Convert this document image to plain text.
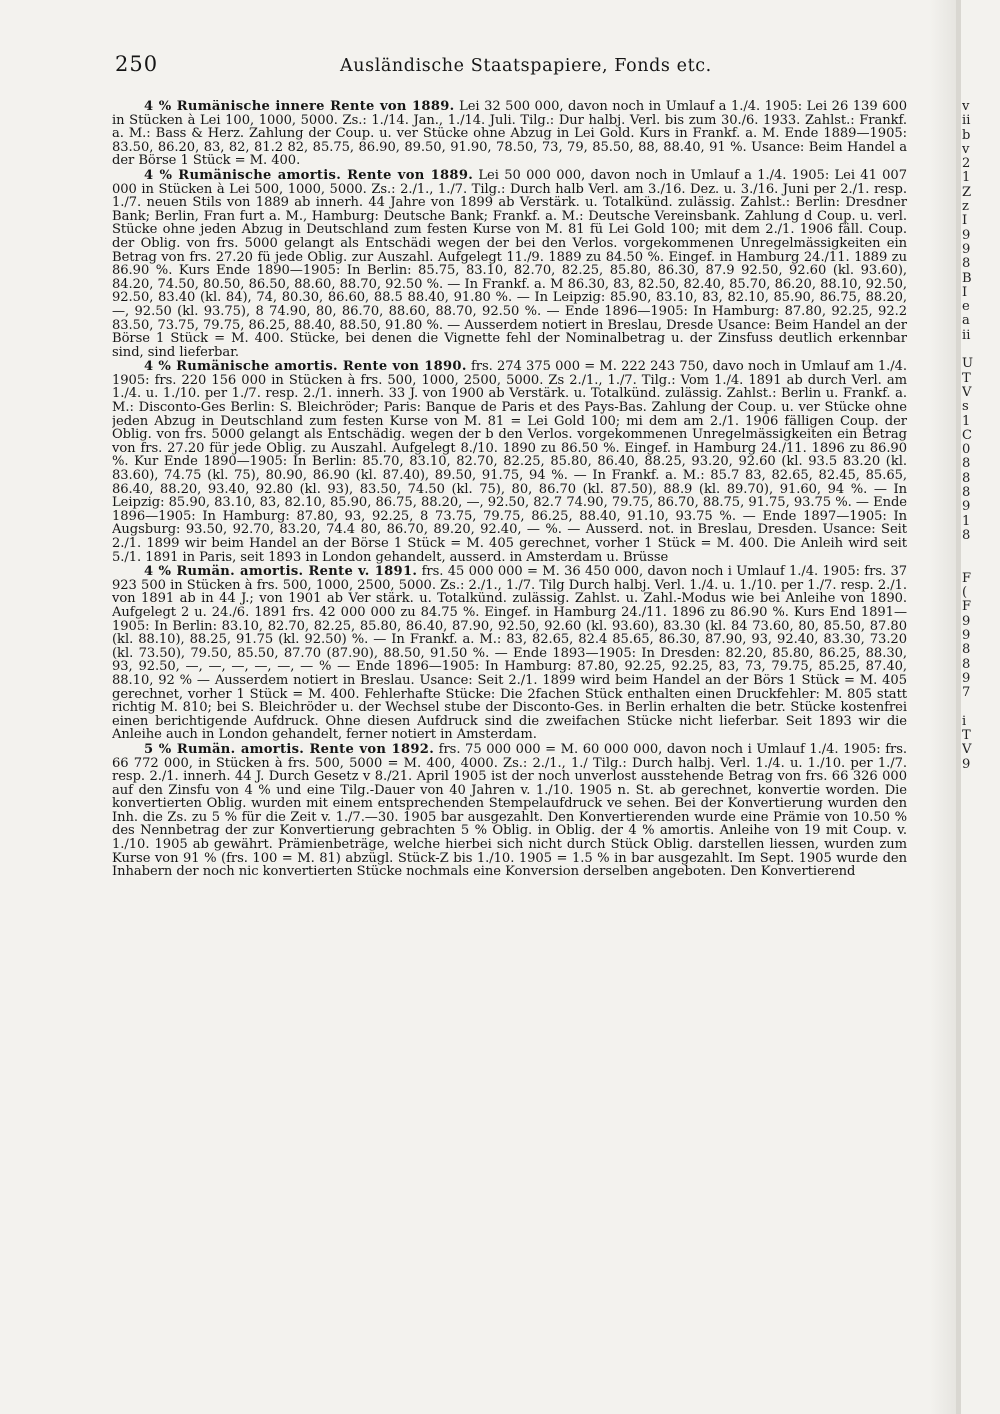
250	Ausländische Staatspapiere, Fonds etc.

4 % Rumänische innere Rente von 1889. Lei 32 500 000, davon noch in Umlauf a 1./4. 1905: Lei 26 139 600 in Stücken à Lei 100, 1000, 5000. Zs.: 1./14. Jan., 1./14. Juli. Tilg.: Dur halbj. Verl. bis zum 30./6. 1933. Zahlst.: Frankf. a. M.: Bass & Herz. Zahlung der Coup. u. ver Stücke ohne Abzug in Lei Gold. Kurs in Frankf. a. M. Ende 1889—1905: 83.50, 86.20, 83, 82, 81.2 82, 85.75, 86.90, 89.50, 91.90, 78.50, 73, 79, 85.50, 88, 88.40, 91 %. Usance: Beim Handel a der Börse 1 Stück = M. 400.

4 % Rumänische amortis. Rente von 1889. Lei 50 000 000, davon noch in Umlauf a 1./4. 1905: Lei 41 007 000 in Stücken à Lei 500, 1000, 5000. Zs.: 2./1., 1./7. Tilg.: Durch halb Verl. am 3./16. Dez. u. 3./16. Juni per 2./1. resp. 1./7. neuen Stils von 1889 ab innerh. 44 Jahre von 1899 ab Verstärk. u. Totalkünd. zulässig. Zahlst.: Berlin: Dresdner Bank; Berlin, Fran furt a. M., Hamburg: Deutsche Bank; Frankf. a. M.: Deutsche Vereinsbank. Zahlung d Coup. u. verl. Stücke ohne jeden Abzug in Deutschland zum festen Kurse von M. 81 fü Lei Gold 100; mit dem 2./1. 1906 fäll. Coup. der Oblig. von frs. 5000 gelangt als Entschädi wegen der bei den Verlos. vorgekommenen Unregelmässigkeiten ein Betrag von frs. 27.20 fü jede Oblig. zur Auszahl. Aufgelegt 11./9. 1889 zu 84.50 %. Eingef. in Hamburg 24./11. 1889 zu 86.90 %. Kurs Ende 1890—1905: In Berlin: 85.75, 83.10, 82.70, 82.25, 85.80, 86.30, 87.9 92.50, 92.60 (kl. 93.60), 84.20, 74.50, 80.50, 86.50, 88.60, 88.70, 92.50 %. — In Frankf. a. M 86.30, 83, 82.50, 82.40, 85.70, 86.20, 88.10, 92.50, 92.50, 83.40 (kl. 84), 74, 80.30, 86.60, 88.5 88.40, 91.80 %. — In Leipzig: 85.90, 83.10, 83, 82.10, 85.90, 86.75, 88.20, —, 92.50 (kl. 93.75), 8 74.90, 80, 86.70, 88.60, 88.70, 92.50 %. — Ende 1896—1905: In Hamburg: 87.80, 92.25, 92.2 83.50, 73.75, 79.75, 86.25, 88.40, 88.50, 91.80 %. — Ausserdem notiert in Breslau, Dresde Usance: Beim Handel an der Börse 1 Stück = M. 400. Stücke, bei denen die Vignette fehl der Nominalbetrag u. der Zinsfuss deutlich erkennbar sind, sind lieferbar.

4 % Rumänische amortis. Rente von 1890. frs. 274 375 000 = M. 222 243 750, davo noch in Umlauf am 1./4. 1905: frs. 220 156 000 in Stücken à frs. 500, 1000, 2500, 5000. Zs 2./1., 1./7. Tilg.: Vom 1./4. 1891 ab durch Verl. am 1./4. u. 1./10. per 1./7. resp. 2./1. innerh. 33 J. von 1900 ab Verstärk. u. Totalkünd. zulässig. Zahlst.: Berlin u. Frankf. a. M.: Disconto-Ges Berlin: S. Bleichröder; Paris: Banque de Paris et des Pays-Bas. Zahlung der Coup. u. ver Stücke ohne jeden Abzug in Deutschland zum festen Kurse von M. 81 = Lei Gold 100; mi dem am 2./1. 1906 fälligen Coup. der Oblig. von frs. 5000 gelangt als Entschädig. wegen der b den Verlos. vorgekommenen Unregelmässigkeiten ein Betrag von frs. 27.20 für jede Oblig. zu Auszahl. Aufgelegt 8./10. 1890 zu 86.50 %. Eingef. in Hamburg 24./11. 1896 zu 86.90 %. Kur Ende 1890—1905: In Berlin: 85.70, 83.10, 82.70, 82.25, 85.80, 86.40, 88.25, 93.20, 92.60 (kl. 93.5 83.20 (kl. 83.60), 74.75 (kl. 75), 80.90, 86.90 (kl. 87.40), 89.50, 91.75, 94 %. — In Frankf. a. M.: 85.7 83, 82.65, 82.45, 85.65, 86.40, 88.20, 93.40, 92.80 (kl. 93), 83.50, 74.50 (kl. 75), 80, 86.70 (kl. 87.50), 88.9 (kl. 89.70), 91.60, 94 %. — In Leipzig: 85.90, 83.10, 83, 82.10, 85.90, 86.75, 88.20, —, 92.50, 82.7 74.90, 79.75, 86.70, 88.75, 91.75, 93.75 %. — Ende 1896—1905: In Hamburg: 87.80, 93, 92.25, 8 73.75, 79.75, 86.25, 88.40, 91.10, 93.75 %. — Ende 1897—1905: In Augsburg: 93.50, 92.70, 83.20, 74.4 80, 86.70, 89.20, 92.40, — %. — Ausserd. not. in Breslau, Dresden. Usance: Seit 2./1. 1899 wir beim Handel an der Börse 1 Stück = M. 405 gerechnet, vorher 1 Stück = M. 400. Die Anleih wird seit 5./1. 1891 in Paris, seit 1893 in London gehandelt, ausserd. in Amsterdam u. Brüsse

4 % Rumän. amortis. Rente v. 1891. frs. 45 000 000 = M. 36 450 000, davon noch i Umlauf 1./4. 1905: frs. 37 923 500 in Stücken à frs. 500, 1000, 2500, 5000. Zs.: 2./1., 1./7. Tilg Durch halbj. Verl. 1./4. u. 1./10. per 1./7. resp. 2./1. von 1891 ab in 44 J.; von 1901 ab Ver stärk. u. Totalkünd. zulässig. Zahlst. u. Zahl.-Modus wie bei Anleihe von 1890. Aufgelegt 2 u. 24./6. 1891 frs. 42 000 000 zu 84.75 %. Eingef. in Hamburg 24./11. 1896 zu 86.90 %. Kurs End 1891—1905: In Berlin: 83.10, 82.70, 82.25, 85.80, 86.40, 87.90, 92.50, 92.60 (kl. 93.60), 83.30 (kl. 84 73.60, 80, 85.50, 87.80 (kl. 88.10), 88.25, 91.75 (kl. 92.50) %. — In Frankf. a. M.: 83, 82.65, 82.4 85.65, 86.30, 87.90, 93, 92.40, 83.30, 73.20 (kl. 73.50), 79.50, 85.50, 87.70 (87.90), 88.50, 91.50 %. — Ende 1893—1905: In Dresden: 82.20, 85.80, 86.25, 88.30, 93, 92.50, —, —, —, —, —, — % — Ende 1896—1905: In Hamburg: 87.80, 92.25, 92.25, 83, 73, 79.75, 85.25, 87.40, 88.10, 92 % — Ausserdem notiert in Breslau. Usance: Seit 2./1. 1899 wird beim Handel an der Börs 1 Stück = M. 405 gerechnet, vorher 1 Stück = M. 400. Fehlerhafte Stücke: Die 2fachen Stück enthalten einen Druckfehler: M. 805 statt richtig M. 810; bei S. Bleichröder u. der Wechsel stube der Disconto-Ges. in Berlin erhalten die betr. Stücke kostenfrei einen berichtigende Aufdruck. Ohne diesen Aufdruck sind die zweifachen Stücke nicht lieferbar. Seit 1893 wir die Anleihe auch in London gehandelt, ferner notiert in Amsterdam.

5 % Rumän. amortis. Rente von 1892. frs. 75 000 000 = M. 60 000 000, davon noch i Umlauf 1./4. 1905: frs. 66 772 000, in Stücken à frs. 500, 5000 = M. 400, 4000. Zs.: 2./1., 1./ Tilg.: Durch halbj. Verl. 1./4. u. 1./10. per 1./7. resp. 2./1. innerh. 44 J. Durch Gesetz v 8./21. April 1905 ist der noch unverlost ausstehende Betrag von frs. 66 326 000 auf den Zinsfu von 4 % und eine Tilg.-Dauer von 40 Jahren v. 1./10. 1905 n. St. ab gerechnet, konvertie worden. Die konvertierten Oblig. wurden mit einem entsprechenden Stempelaufdruck ve sehen. Bei der Konvertierung wurden den Inh. die Zs. zu 5 % für die Zeit v. 1./7.—30. 1905 bar ausgezahlt. Den Konvertierenden wurde eine Prämie von 10.50 % des Nennbetrag der zur Konvertierung gebrachten 5 % Oblig. in Oblig. der 4 % amortis. Anleihe von 19 mit Coup. v. 1./10. 1905 ab gewährt. Prämienbeträge, welche hierbei sich nicht durch Stück Oblig. darstellen liessen, wurden zum Kurse von 91 % (frs. 100 = M. 81) abzügl. Stück-Z bis 1./10. 1905 = 1.5 % in bar ausgezahlt. Im Sept. 1905 wurde den Inhabern der noch nic konvertierten Stücke nochmals eine Konversion derselben angeboten. Den Konvertierend

v
ii
b
v
2
1
Z
z
I
9
9
8
B
I
e
a
ii

U
T
V
s
1
C
0
8
8
8
9
1
8

F
(
F
9
9
8
8
9
7

i
T
V
9
